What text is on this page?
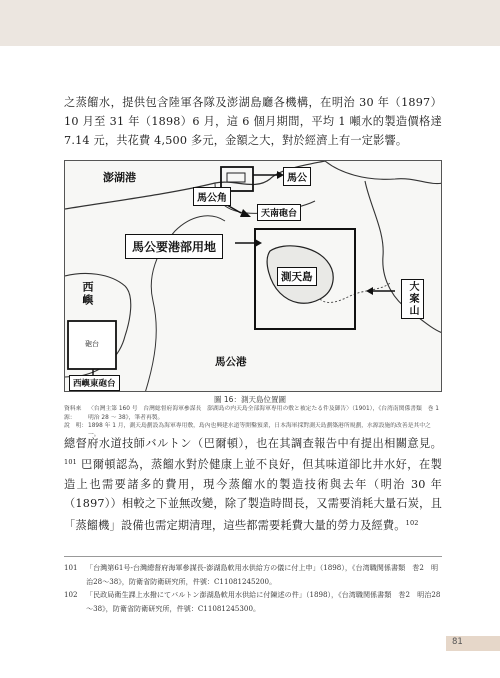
之蒸餾水，提供包含陸軍各隊及澎湖島廳各機構，在明治 30 年（1897）10 月至 31 年（1898）6 月，這 6 個月期間，平均 1 噸水的製造價格達 7.14 元，共花費 4,500 多元，金額之大，對於經濟上有一定影響。

澎湖港	馬公
馬公角
天南砲台
馬公要港部用地
測天島
西嶼
砲台
西嶼東砲台
馬公港
大案山
圖 16：測天島位置圖
資料來源：
〈台灣主第 160 号　台灣総督府海軍參謀長　澎湖島の内天島全部海軍専用の敷と被定たる件及御告〉（1901），《台湾南関係書類　巻 1　明治 28 ～ 38》，筆者再製。
說　明： 1898 年 1 月，測天島劃設為海軍專用敷，島內也興建水道等開鑿預業，日本海軍採對測天島劃築港所規劃，水源設施的改善是其中之一。

總督府水道技師バルトン（巴爾頓），也在其調查報告中有提出相關意見。$^{101}$ 巴爾頓認為，蒸餾水對於健康上並不良好，但其味道卻比井水好，在製造上也需要諸多的費用，現今蒸餾水的製造技術與去年（明治 30 年（1897））相較之下並無改變，除了製造時間長，又需要消耗大量石炭，且「蒸餾機」設備也需定期清理，這些都需要耗費大量的勞力及經費。$^{102}$

101	「台灣第61号-台灣總督府海軍參謀長-澎湖島軟用水供給方の儀に付上申」（1898），《台湾職関係書類　巻2　明治28～38》，防衛省防衛研究所，件號：C11081245200。
102	「民政局衛生課上水撥にてバルトン澎湖島軟用水供給に付陳述の件」（1898），《台湾職関係書類　巻2　明治28～38》，防衛省防衛研究所，件號：C11081245300。
81
